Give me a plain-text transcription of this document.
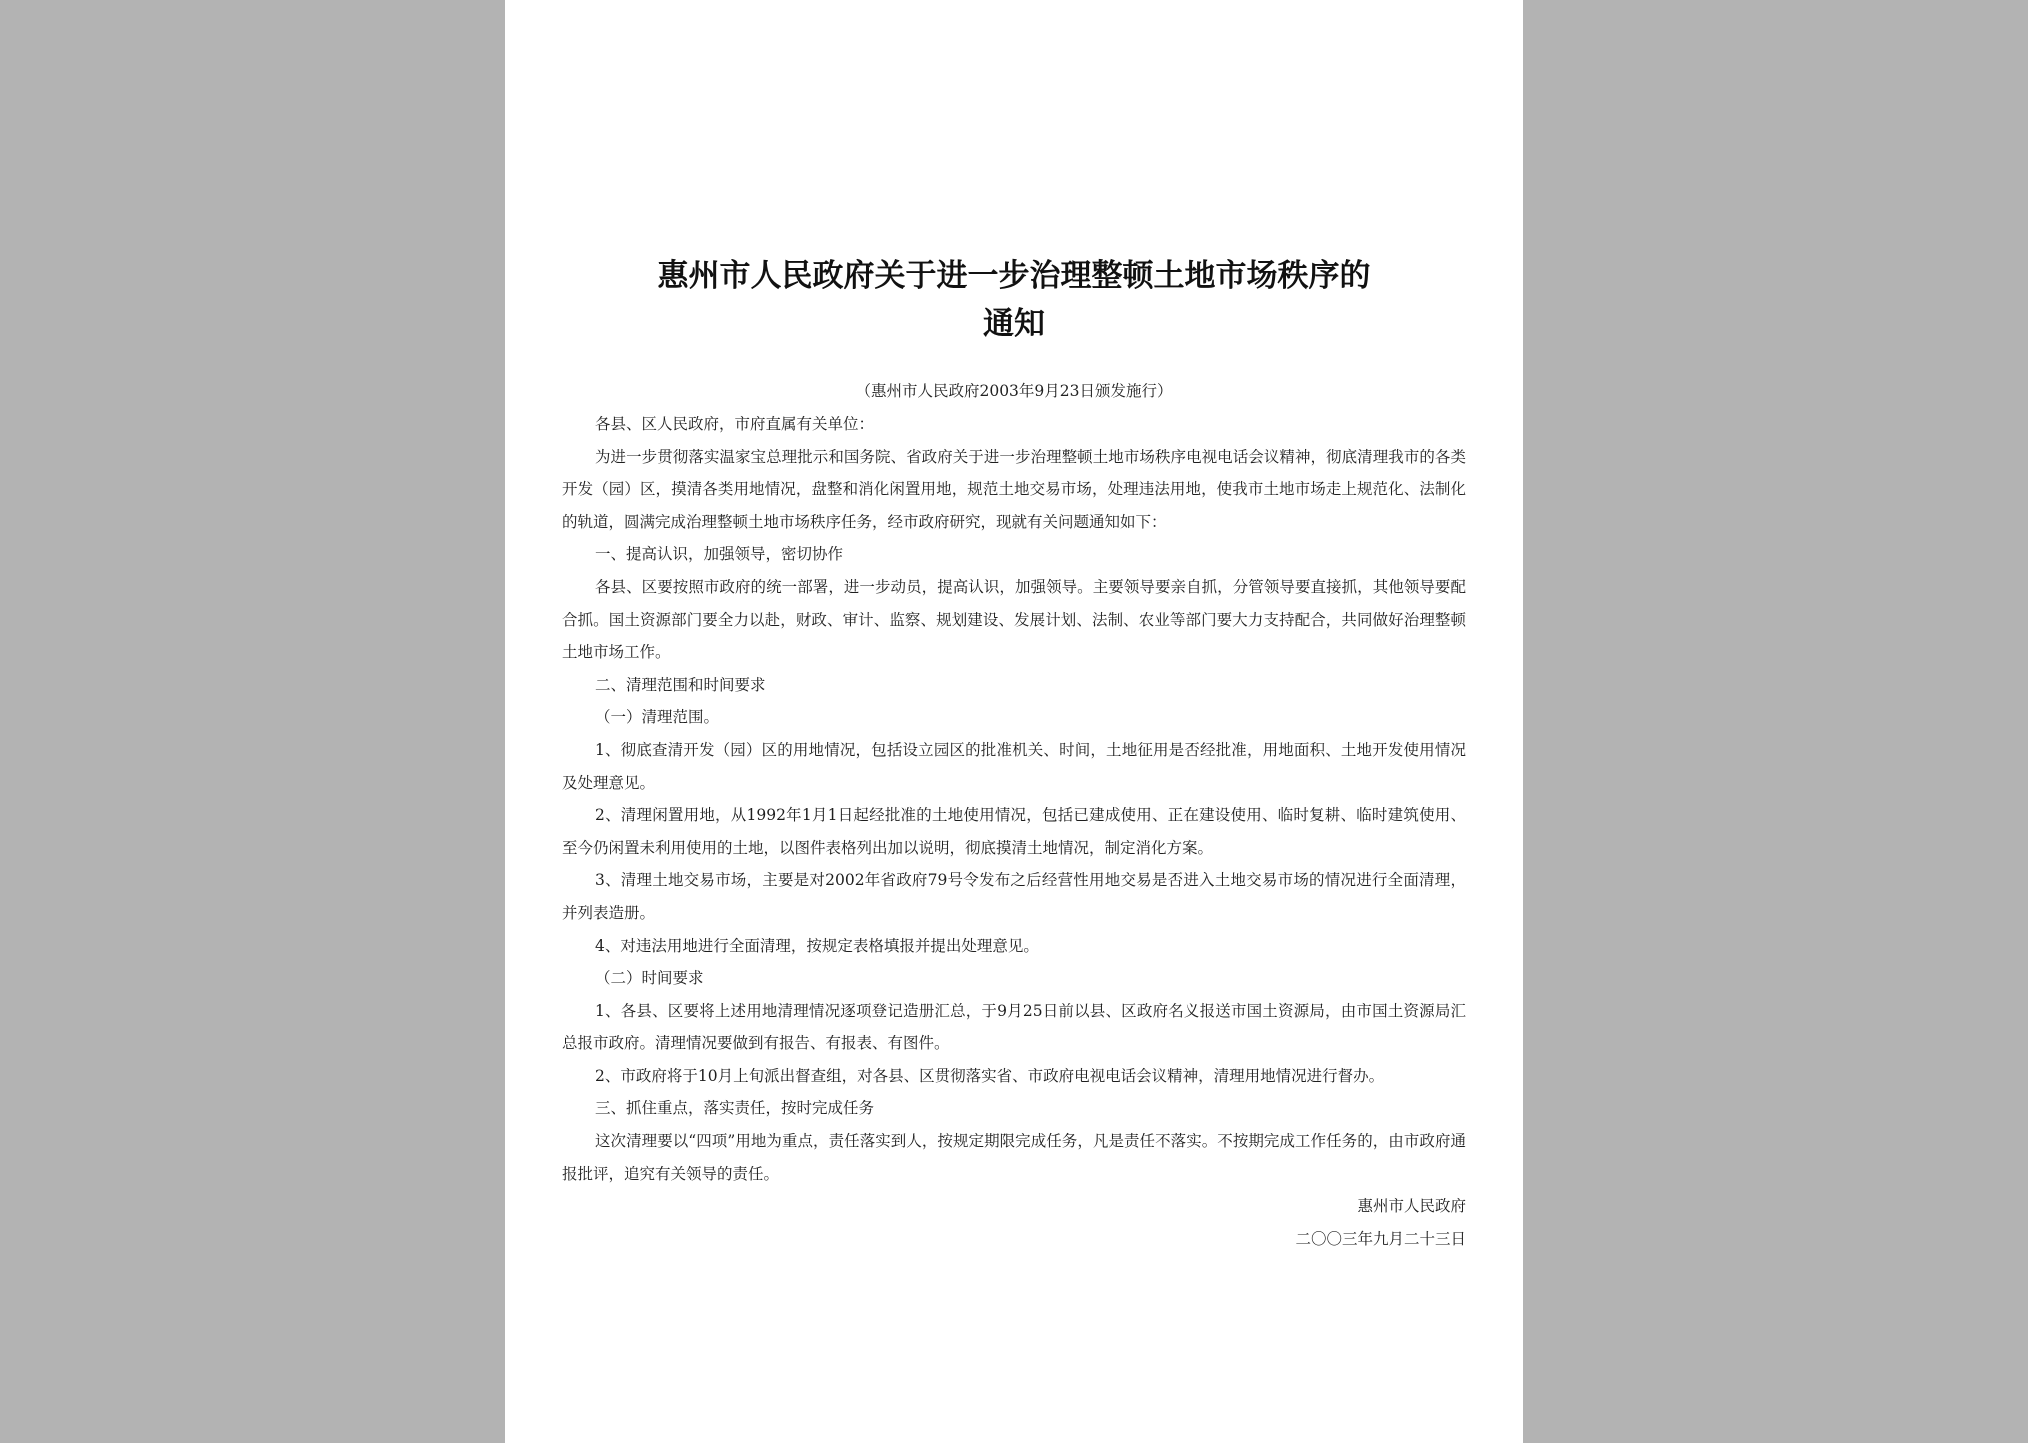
惠州市人民政府关于进一步治理整顿土地市场秩序的
通知
（惠州市人民政府2003年9月23日颁发施行）

各县、区人民政府，市府直属有关单位：

为进一步贯彻落实温家宝总理批示和国务院、省政府关于进一步治理整顿土地市场秩序电视电话会议精神，彻底清理我市的各类开发（园）区，摸清各类用地情况，盘整和消化闲置用地，规范土地交易市场，处理违法用地，使我市土地市场走上规范化、法制化的轨道，圆满完成治理整顿土地市场秩序任务，经市政府研究，现就有关问题通知如下：

一、提高认识，加强领导，密切协作

各县、区要按照市政府的统一部署，进一步动员，提高认识，加强领导。主要领导要亲自抓，分管领导要直接抓，其他领导要配合抓。国土资源部门要全力以赴，财政、审计、监察、规划建设、发展计划、法制、农业等部门要大力支持配合，共同做好治理整顿土地市场工作。

二、清理范围和时间要求

（一）清理范围。

1、彻底查清开发（园）区的用地情况，包括设立园区的批准机关、时间，土地征用是否经批准，用地面积、土地开发使用情况及处理意见。

2、清理闲置用地，从1992年1月1日起经批准的土地使用情况，包括已建成使用、正在建设使用、临时复耕、临时建筑使用、至今仍闲置未利用使用的土地，以图件表格列出加以说明，彻底摸清土地情况，制定消化方案。

3、清理土地交易市场，主要是对2002年省政府79号令发布之后经营性用地交易是否进入土地交易市场的情况进行全面清理，并列表造册。

4、对违法用地进行全面清理，按规定表格填报并提出处理意见。

（二）时间要求

1、各县、区要将上述用地清理情况逐项登记造册汇总，于9月25日前以县、区政府名义报送市国土资源局，由市国土资源局汇总报市政府。清理情况要做到有报告、有报表、有图件。

2、市政府将于10月上旬派出督查组，对各县、区贯彻落实省、市政府电视电话会议精神，清理用地情况进行督办。

三、抓住重点，落实责任，按时完成任务

这次清理要以“四项”用地为重点，责任落实到人，按规定期限完成任务，凡是责任不落实。不按期完成工作任务的，由市政府通报批评，追究有关领导的责任。

惠州市人民政府

二〇〇三年九月二十三日
